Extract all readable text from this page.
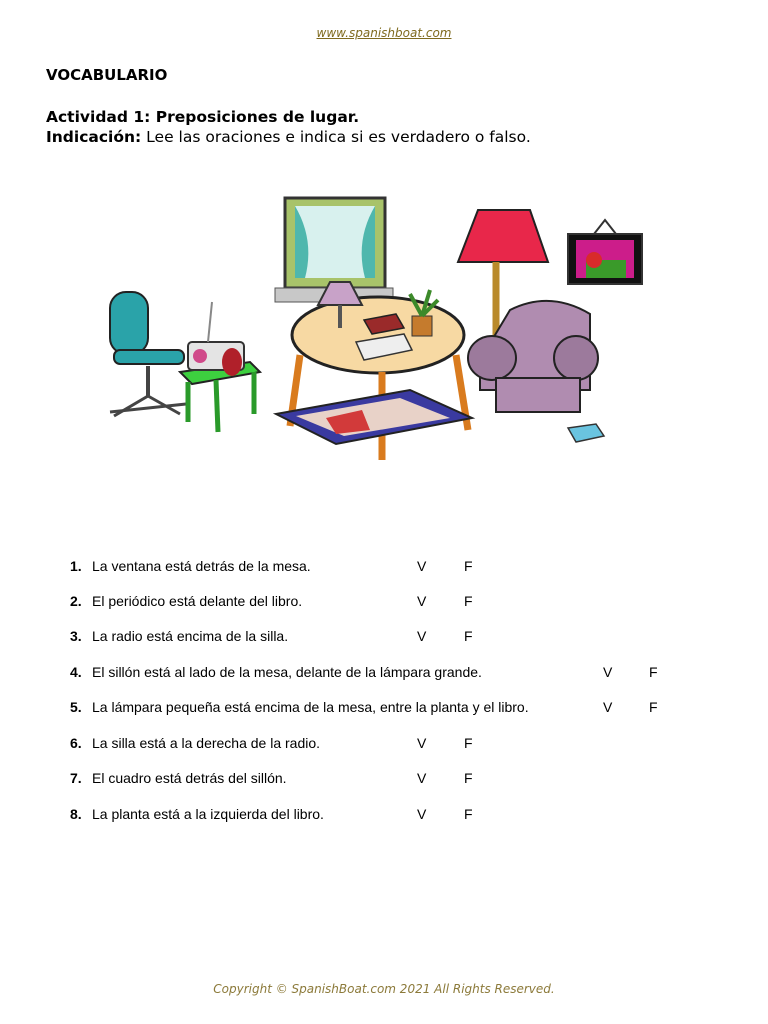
www.spanishboat.com
VOCABULARIO
Actividad 1: Preposiciones de lugar.
Indicación: Lee las oraciones e indica si es verdadero o falso.
1. La ventana está detrás de la mesa.	V	F
2. El periódico está delante del libro.	V	F
3. La radio está encima de la silla.	V	F
4. El sillón está al lado de la mesa, delante de la lámpara grande.	V	F
5. La lámpara pequeña está encima de la mesa, entre la planta y el libro.	V	F
6. La silla está a la derecha de la radio.	V	F
7. El cuadro está detrás del sillón.	V	F
8. La planta está a la izquierda del libro.	V	F
Copyright © SpanishBoat.com 2021 All Rights Reserved.
